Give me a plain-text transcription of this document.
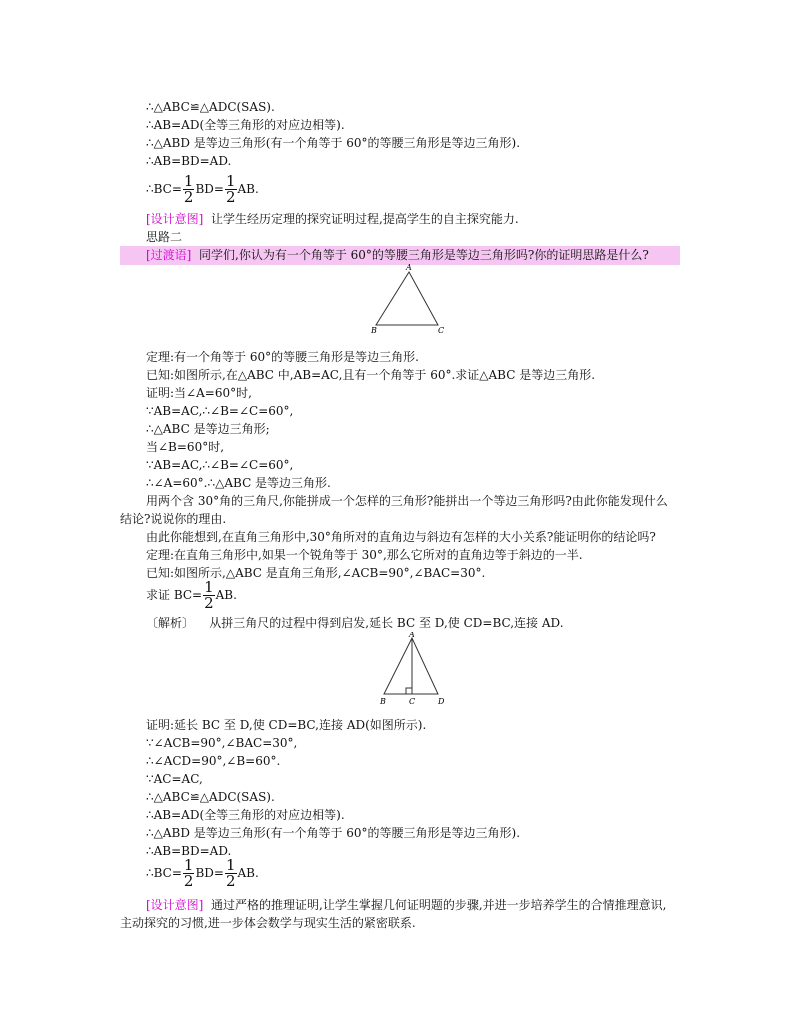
∴△ABC≌△ADC(SAS).
∴AB=AD(全等三角形的对应边相等).
∴△ABD 是等边三角形(有一个角等于 60°的等腰三角形是等边三角形).
∴AB=BD=AD.
∴BC= $\frac{1}{2} BD= \frac{1}{2}$ AB.
[设计意图] 让学生经历定理的探究证明过程,提高学生的自主探究能力.
思路二
[过渡语] 同学们,你认为有一个角等于 60°的等腰三角形是等边三角形吗?你的证明思路是什么?
A
B	C
定理:有一个角等于 60°的等腰三角形是等边三角形.
已知:如图所示,在△ABC 中,AB=AC,且有一个角等于 60°.求证△ABC 是等边三角形.
证明:当∠A=60°时,
∵AB=AC,∴∠B=∠C=60°,
∴△ABC 是等边三角形;
当∠B=60°时,
∵AB=AC,∴∠B=∠C=60°,
∴∠A=60°.∴△ABC 是等边三角形.
用两个含 30°角的三角尺,你能拼成一个怎样的三角形?能拼出一个等边三角形吗?由此你能发现什么
结论?说说你的理由.
由此你能想到,在直角三角形中,30°角所对的直角边与斜边有怎样的大小关系?能证明你的结论吗?
定理:在直角三角形中,如果一个锐角等于 30°,那么它所对的直角边等于斜边的一半.
已知:如图所示,△ABC 是直角三角形,∠ACB=90°,∠BAC=30°.
求证 $BC= \frac{1}{2}$ AB.
〔解析〕 从拼三角尺的过程中得到启发,延长 BC 至 D,使 CD=BC,连接 AD.
A
B	C	D
证明:延长 BC 至 D,使 CD=BC,连接 AD(如图所示).
∵∠ACB=90°,∠BAC=30°,
∴∠ACD=90°,∠B=60°.
∵AC=AC,
∴△ABC≌△ADC(SAS).
∴AB=AD(全等三角形的对应边相等).
∴△ABD 是等边三角形(有一个角等于 60°的等腰三角形是等边三角形).
∴AB=BD=AD.
∴BC= $\frac{1}{2} BD= \frac{1}{2}$ AB.
[设计意图] 通过严格的推理证明,让学生掌握几何证明题的步骤,并进一步培养学生的合情推理意识,
主动探究的习惯,进一步体会数学与现实生活的紧密联系.
